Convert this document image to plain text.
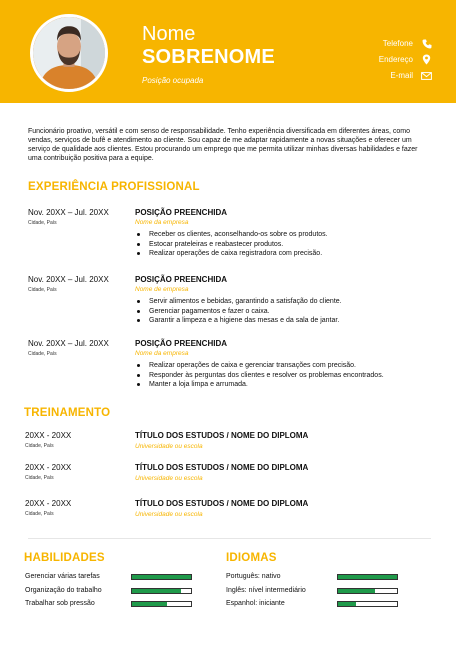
Nome
SOBRENOME
Posição ocupada
Telefone
Endereço
E-mail
Funcionário proativo, versátil e com senso de responsabilidade. Tenho experiência diversificada em diferentes áreas, como vendas, serviços de bufê e atendimento ao cliente. Sou capaz de me adaptar rapidamente a novas situações e oferecer um serviço de qualidade aos clientes. Estou procurando um emprego que me permita utilizar minhas diversas habilidades e fazer uma contribuição positiva para a equipe.
EXPERIÊNCIA PROFISSIONAL
Nov. 20XX – Jul. 20XX
Cidade, País
POSIÇÃO PREENCHIDA
Nome da empresa
Receber os clientes, aconselhando-os sobre os produtos.
Estocar prateleiras e reabastecer produtos.
Realizar operações de caixa registradora com precisão.
Nov. 20XX – Jul. 20XX
Cidade, País
POSIÇÃO PREENCHIDA
Nome de empresa
Servir alimentos e bebidas, garantindo a satisfação do cliente.
Gerenciar pagamentos e fazer o caixa.
Garantir a limpeza e a higiene das mesas e da sala de jantar.
Nov. 20XX – Jul. 20XX
Cidade, País
POSIÇÃO PREENCHIDA
Nome da empresa
Realizar operações de caixa e gerenciar transações com precisão.
Responder às perguntas dos clientes e resolver os problemas encontrados.
Manter a loja limpa e arrumada.
TREINAMENTO
20XX - 20XX
Cidade, País
TÍTULO DOS ESTUDOS / NOME DO DIPLOMA
Universidade ou escola
20XX - 20XX
Cidade, País
TÍTULO DOS ESTUDOS / NOME DO DIPLOMA
Universidade ou escola
20XX - 20XX
Cidade, País
TÍTULO DOS ESTUDOS / NOME DO DIPLOMA
Universidade ou escola
HABILIDADES
Gerenciar várias tarefas
Organização do trabalho
Trabalhar sob pressão
IDIOMAS
Português: nativo
Inglês: nível intermediário
Espanhol: iniciante
